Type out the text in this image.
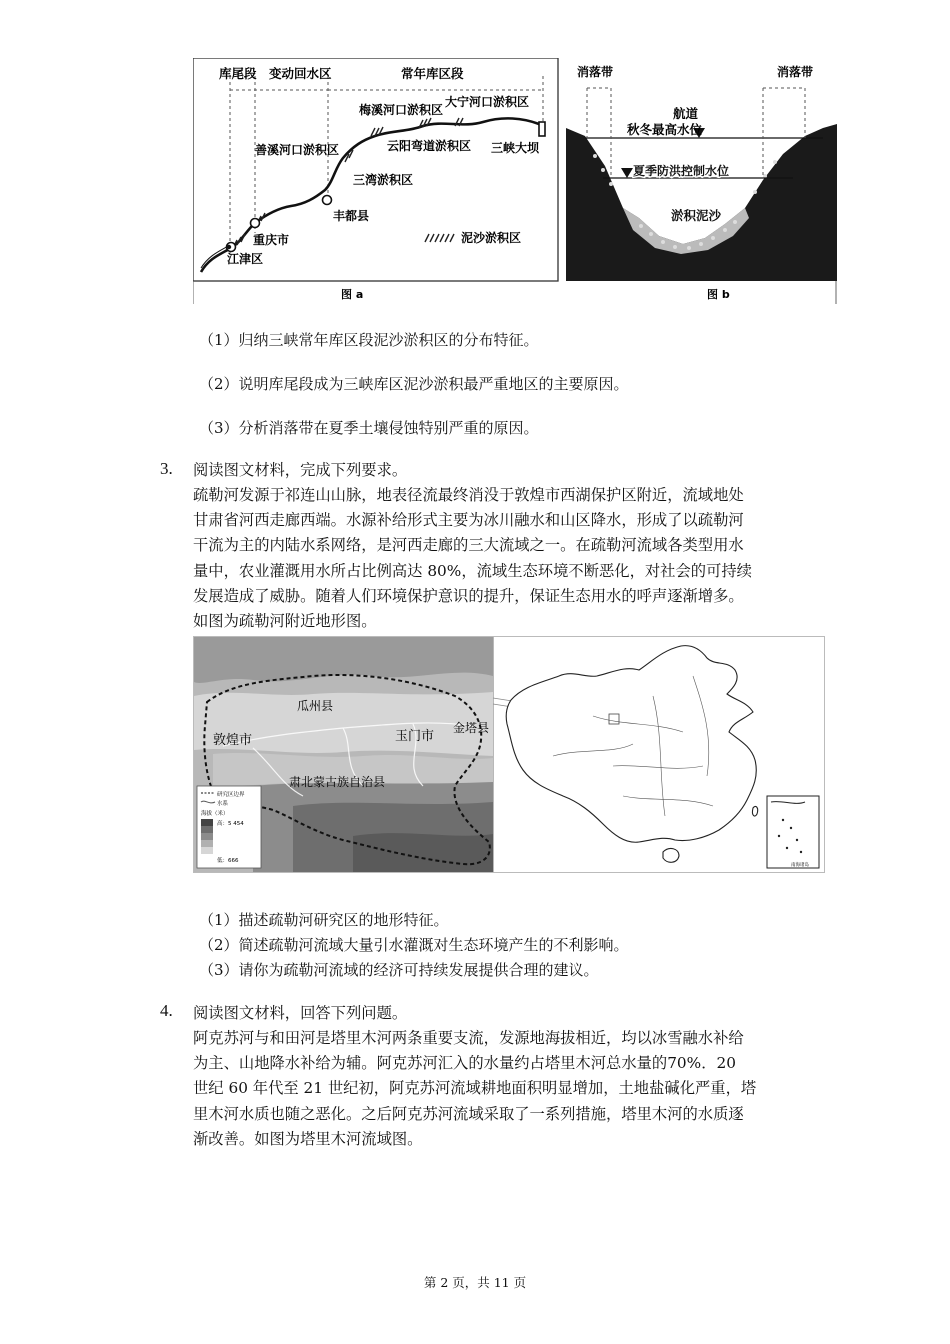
库尾段 变动回水区	常年库区段
梅溪河口淤积区
大宁河口淤积区
善溪河口淤积区	云阳弯道淤积区 三峡大坝
三湾淤积区
丰都县
重庆市
江津区
泥沙淤积区
图 a
消落带	消落带
航道
秋冬最高水位
夏季防洪控制水位
淤积泥沙
图 b
（1）归纳三峡常年库区段泥沙淤积区的分布特征。
（2）说明库尾段成为三峡库区泥沙淤积最严重地区的主要原因。
（3）分析消落带在夏季土壤侵蚀特别严重的原因。
3. 阅读图文材料，完成下列要求。
疏勒河发源于祁连山山脉，地表径流最终消没于敦煌市西湖保护区附近，流域地处
甘肃省河西走廊西端。水源补给形式主要为冰川融水和山区降水，形成了以疏勒河
干流为主的内陆水系网络，是河西走廊的三大流域之一。在疏勒河流域各类型用水
量中，农业灌溉用水所占比例高达 80%，流域生态环境不断恶化，对社会的可持续
发展造成了威胁。随着人们环境保护意识的提升，保证生态用水的呼声逐渐增多。
如图为疏勒河附近地形图。
瓜州县
敦煌市	玉门市
金塔县
肃北蒙古族自治县
研究区边界
水系
海拔（米）
高：5 454
低：666
南海诸岛
（1）描述疏勒河研究区的地形特征。
（2）简述疏勒河流域大量引水灌溉对生态环境产生的不利影响。
（3）请你为疏勒河流域的经济可持续发展提供合理的建议。
4. 阅读图文材料，回答下列问题。
阿克苏河与和田河是塔里木河两条重要支流，发源地海拔相近，均以冰雪融水补给
为主、山地降水补给为辅。阿克苏河汇入的水量约占塔里木河总水量的70%．20
世纪 60 年代至 21 世纪初，阿克苏河流域耕地面积明显增加，土地盐碱化严重，塔
里木河水质也随之恶化。之后阿克苏河流域采取了一系列措施，塔里木河的水质逐
渐改善。如图为塔里木河流域图。
第 2 页，共 11 页
